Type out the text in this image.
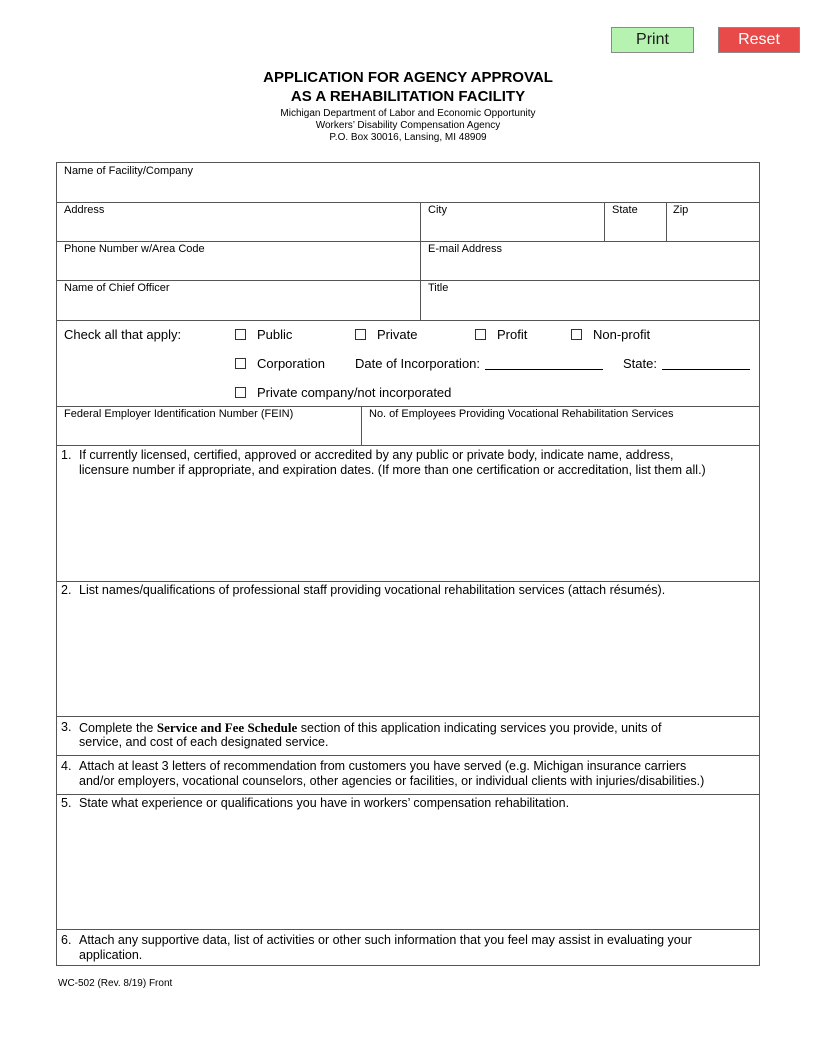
Print	Reset
APPLICATION FOR AGENCY APPROVAL
AS A REHABILITATION FACILITY
Michigan Department of Labor and Economic Opportunity
Workers’ Disability Compensation Agency
P.O. Box 30016, Lansing, MI 48909
Name of Facility/Company
Address	City	State	Zip
Phone Number w/Area Code	E-mail Address
Name of Chief Officer	Title
Check all that apply:	Public	Private	Profit	Non-profit
Corporation Date of Incorporation:	State:
Private company/not incorporated
Federal Employer Identification Number (FEIN)	No. of Employees Providing Vocational Rehabilitation Services
1. If currently licensed, certified, approved or accredited by any public or private body, indicate name, address,
licensure number if appropriate, and expiration dates. (If more than one certification or accreditation, list them all.)
2. List names/qualifications of professional staff providing vocational rehabilitation services (attach résumés).
3. Complete the Service and Fee Schedule section of this application indicating services you provide, units of
service, and cost of each designated service.
4. Attach at least 3 letters of recommendation from customers you have served (e.g. Michigan insurance carriers
and/or employers, vocational counselors, other agencies or facilities, or individual clients with injuries/disabilities.)
5. State what experience or qualifications you have in workers’ compensation rehabilitation.
6. Attach any supportive data, list of activities or other such information that you feel may assist in evaluating your
application.
WC-502 (Rev. 8/19) Front
